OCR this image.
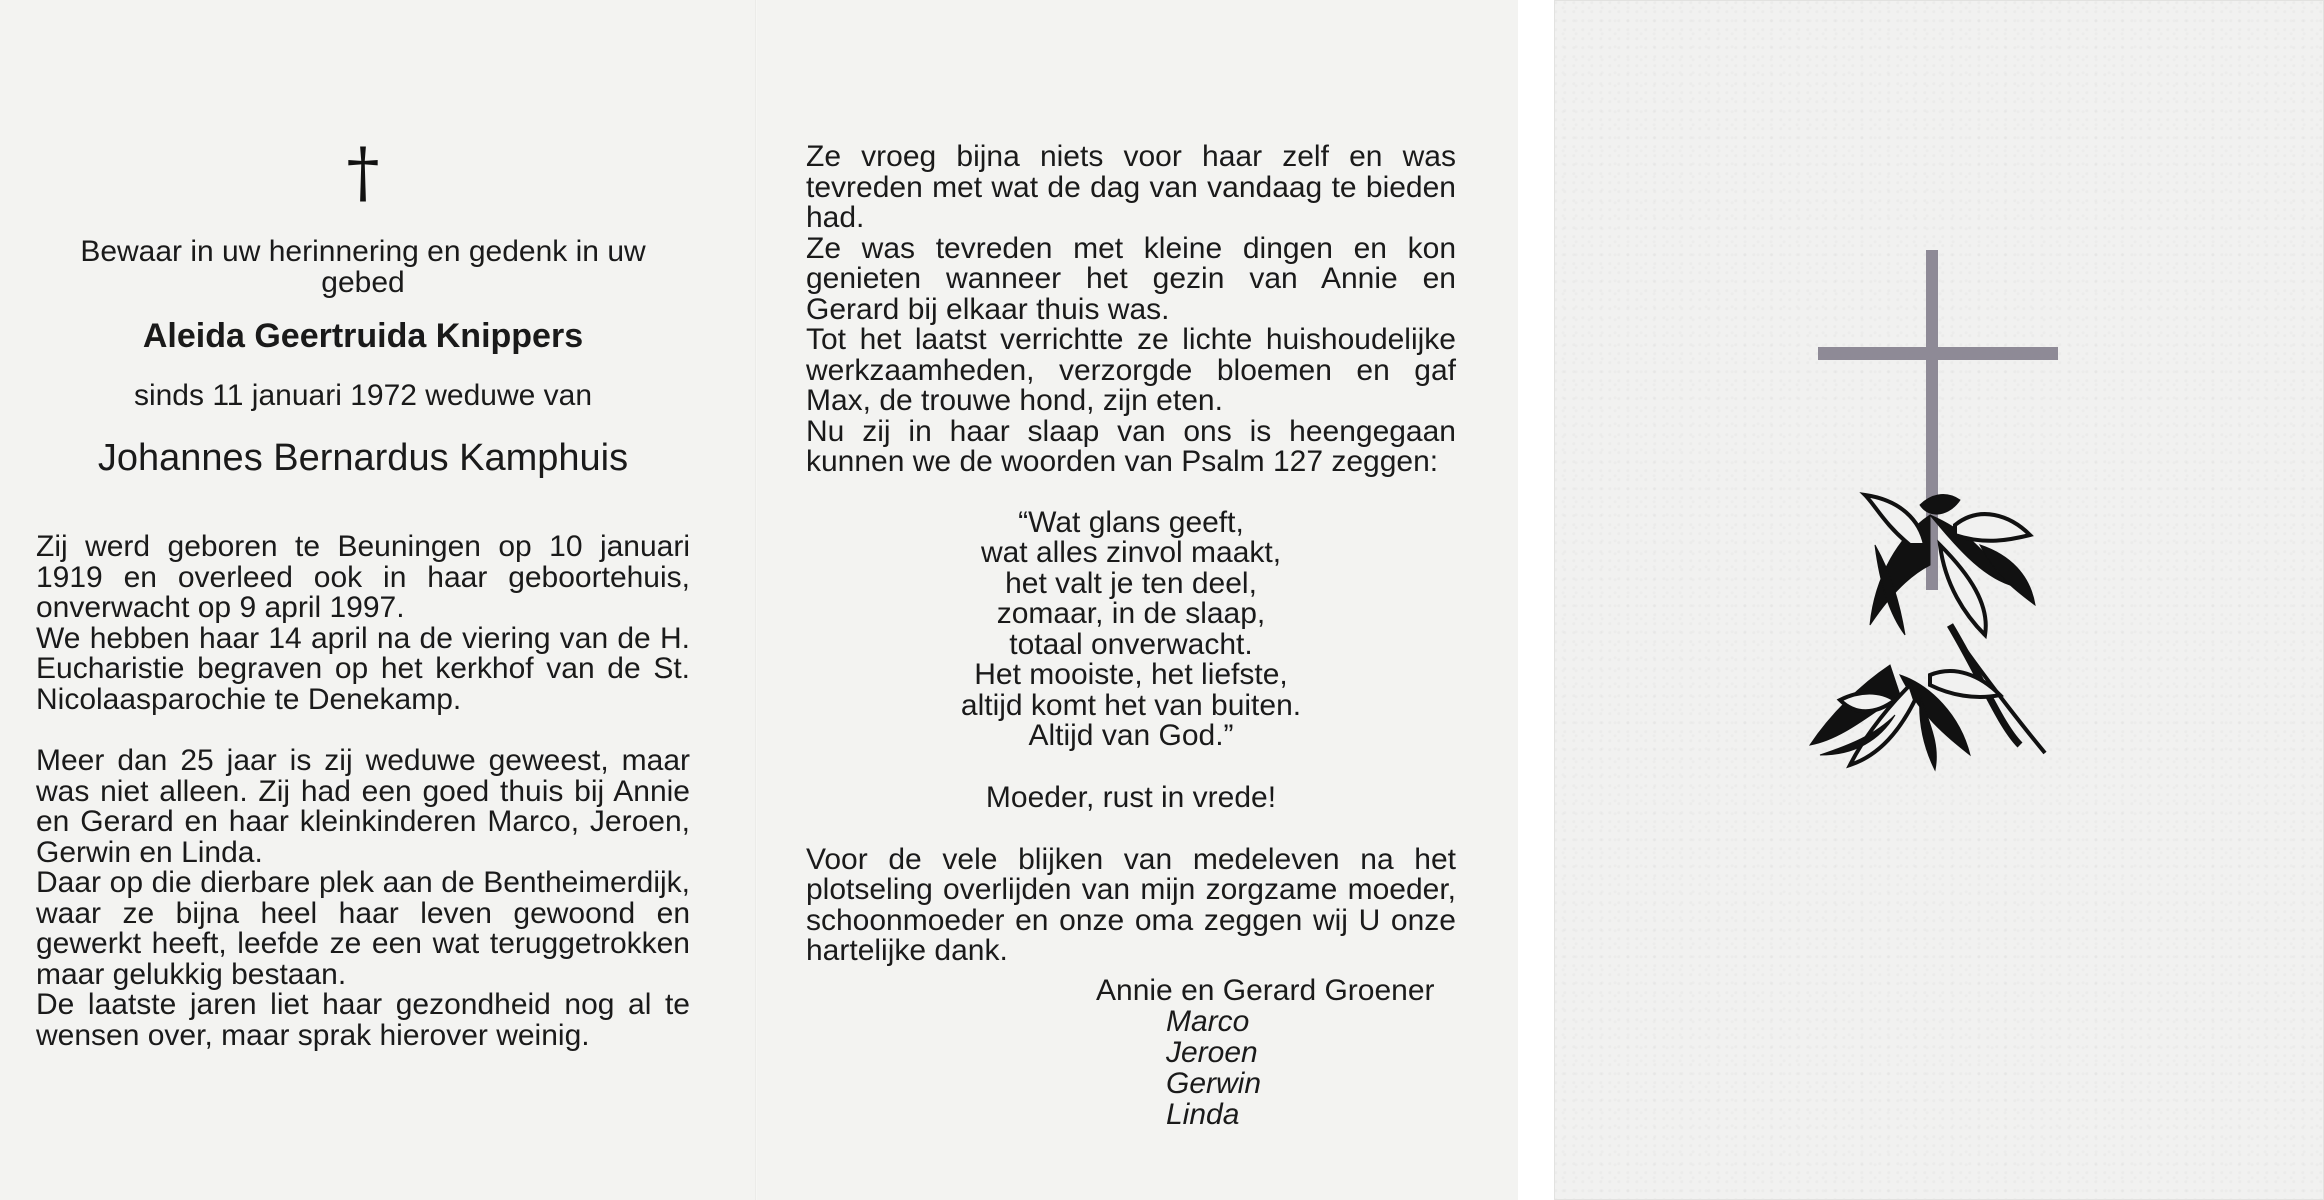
†
Bewaar in uw herinnering en gedenk in uw gebed
Aleida Geertruida Knippers
sinds 11 januari 1972 weduwe van
Johannes Bernardus Kamphuis

Zij werd geboren te Beuningen op 10 januari 1919 en overleed ook in haar geboortehuis, onverwacht op 9 april 1997.

We hebben haar 14 april na de viering van de H. Eucharistie begraven op het kerkhof van de St. Nicolaasparochie te Denekamp.

Meer dan 25 jaar is zij weduwe geweest, maar was niet alleen. Zij had een goed thuis bij Annie en Gerard en haar kleinkinderen Marco, Jeroen, Gerwin en Linda.

Daar op die dierbare plek aan de Bentheimerdijk, waar ze bijna heel haar leven gewoond en gewerkt heeft, leefde ze een wat teruggetrokken maar gelukkig bestaan.

De laatste jaren liet haar gezondheid nog al te wensen over, maar sprak hierover weinig.

Ze vroeg bijna niets voor haar zelf en was tevreden met wat de dag van vandaag te bieden had.

Ze was tevreden met kleine dingen en kon genieten wanneer het gezin van Annie en Gerard bij elkaar thuis was.

Tot het laatst verrichtte ze lichte huishoudelijke werkzaamheden, verzorgde bloemen en gaf Max, de trouwe hond, zijn eten.

Nu zij in haar slaap van ons is heengegaan kunnen we de woorden van Psalm 127 zeggen:

“Wat glans geeft,
wat alles zinvol maakt,
het valt je ten deel,
zomaar, in de slaap,
totaal onverwacht.
Het mooiste, het liefste,
altijd komt het van buiten.
Altijd van God.”
Moeder, rust in vrede!

Voor de vele blijken van medeleven na het plotseling overlijden van mijn zorgzame moeder, schoonmoeder en onze oma zeggen wij U onze hartelijke dank.

Annie en Gerard Groener
Marco
Jeroen
Gerwin
Linda
